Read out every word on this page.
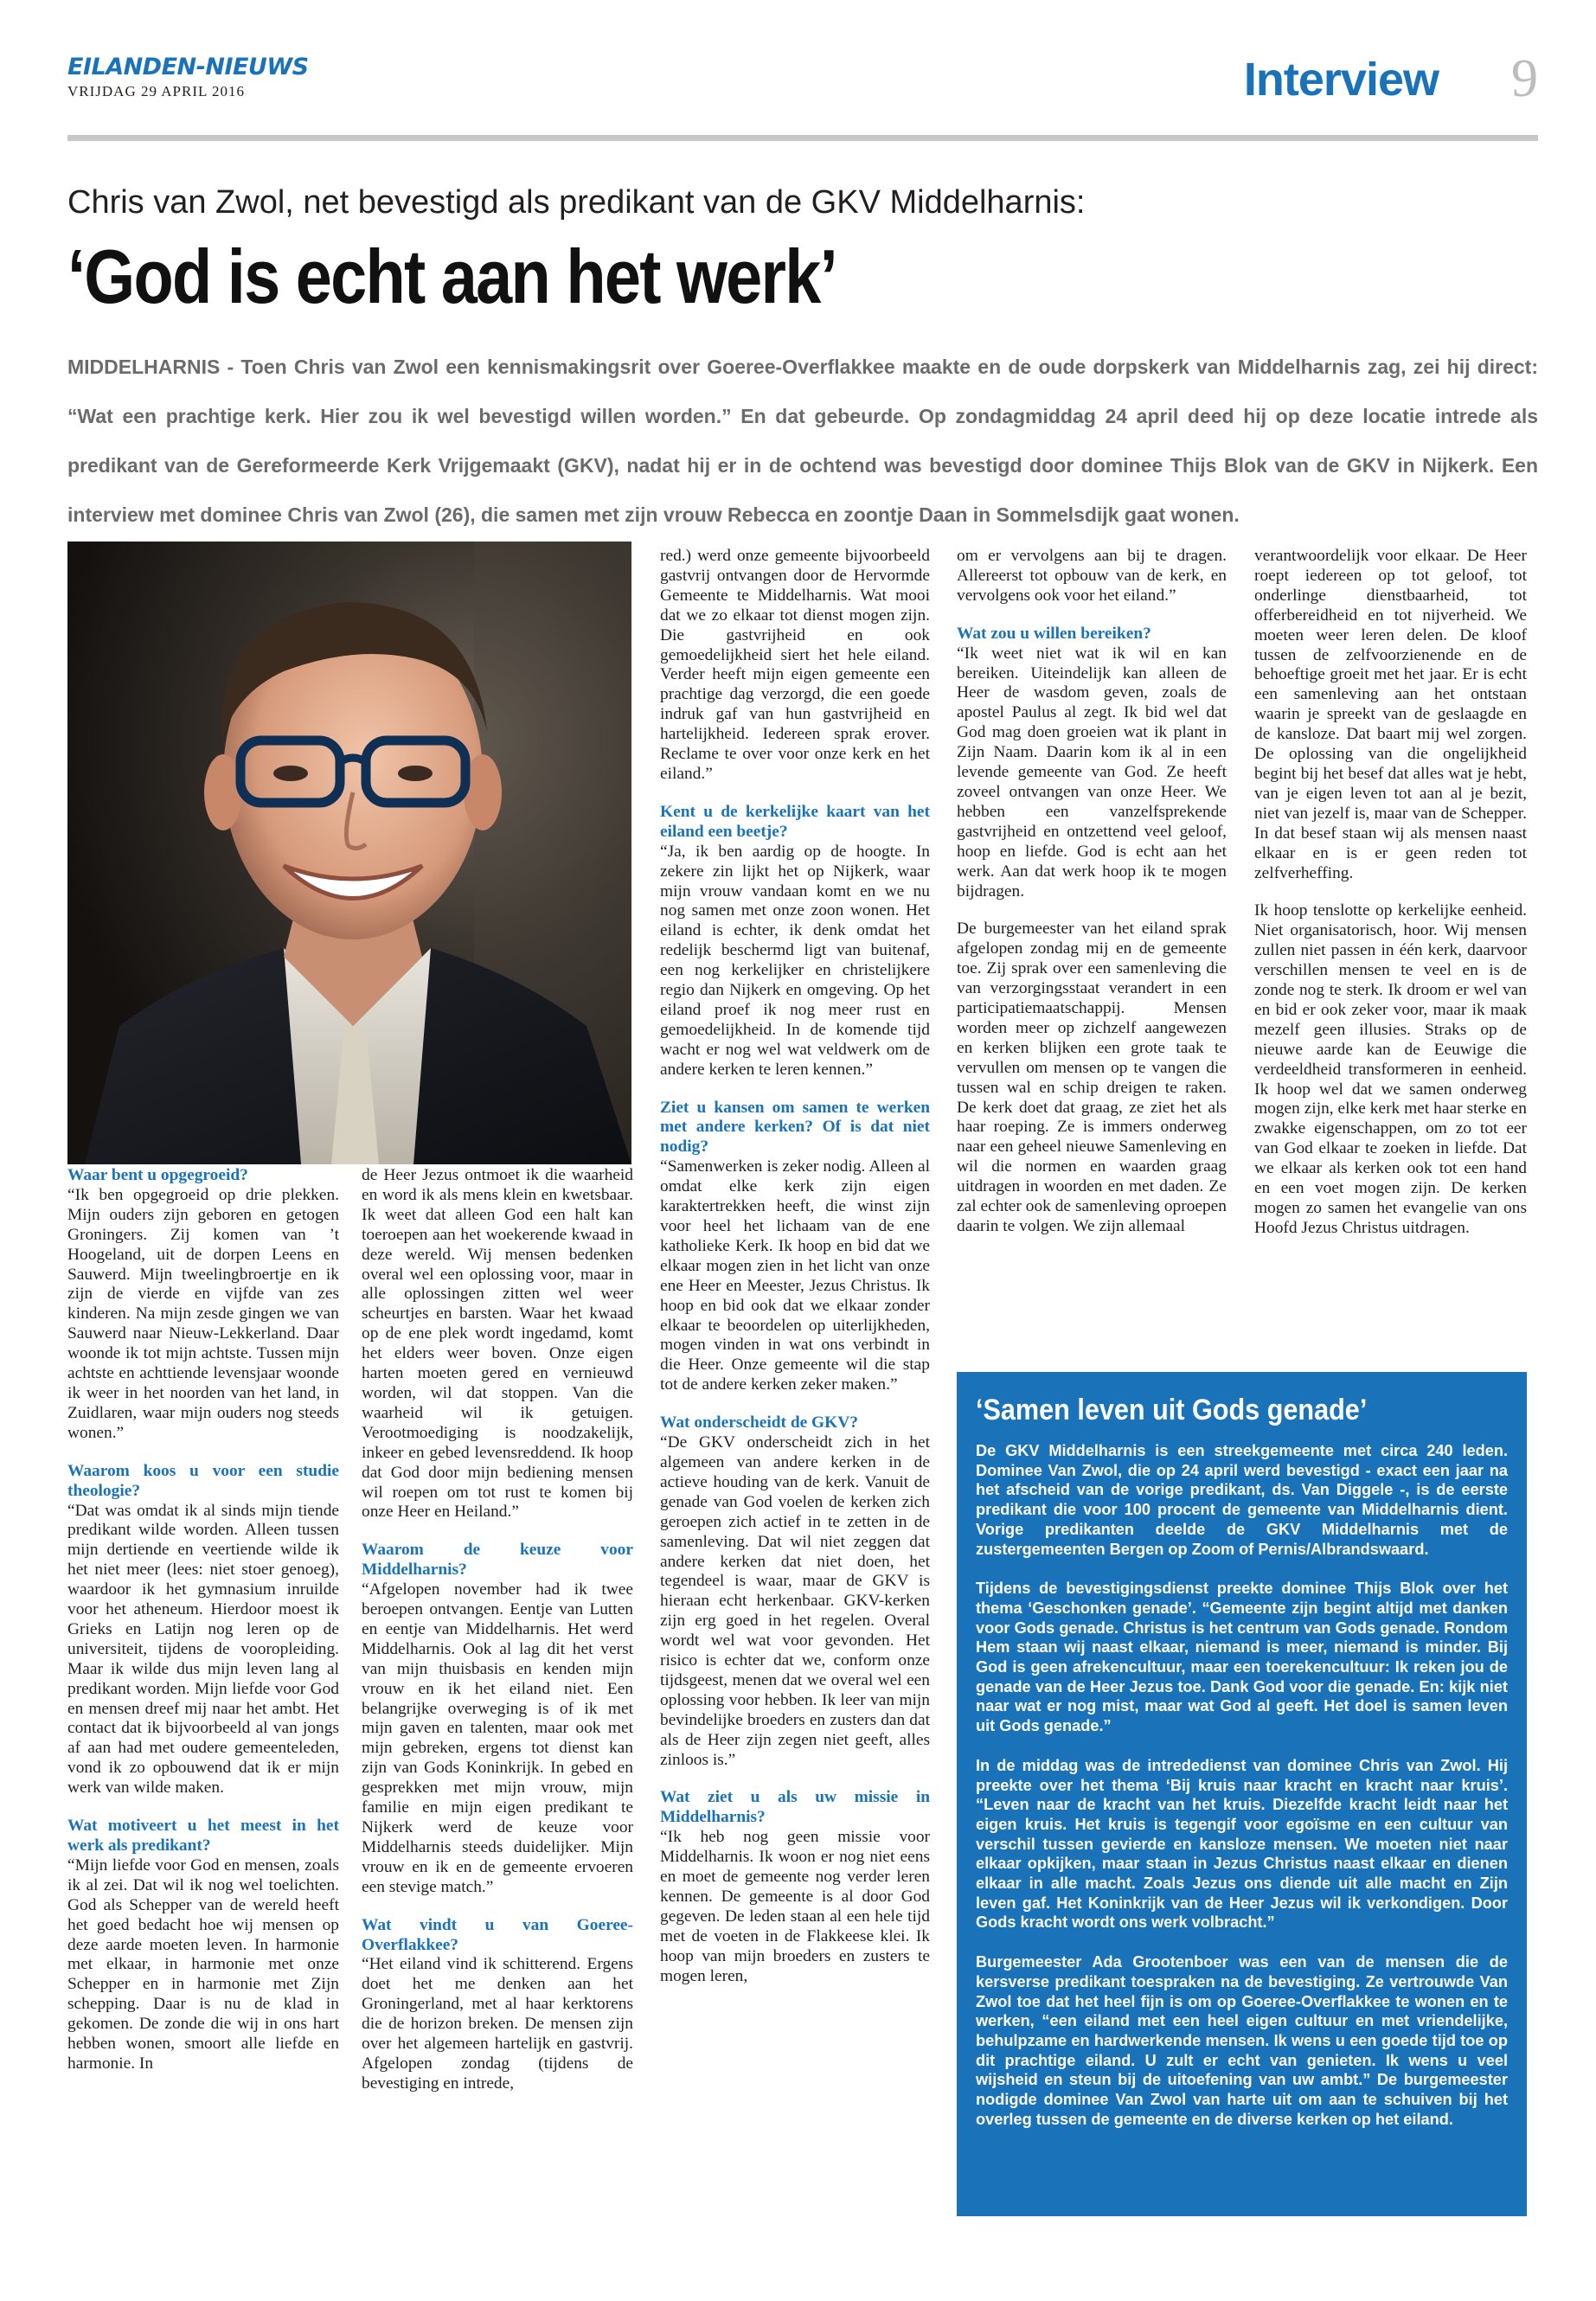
EILANDEN-NIEUWS
VRIJDAG 29 APRIL 2016	Interview 9
Chris van Zwol, net bevestigd als predikant van de GKV Middelharnis:
‘God is echt aan het werk’
MIDDELHARNIS - Toen Chris van Zwol een kennismakingsrit over Goeree-Overflakkee maakte en de oude dorpskerk van Middelharnis zag, zei hij direct: “Wat een prachtige kerk. Hier zou ik wel bevestigd willen worden.” En dat gebeurde. Op zondagmiddag 24 april deed hij op deze locatie intrede als predikant van de Gereformeerde Kerk Vrijgemaakt (GKV), nadat hij er in de ochtend was bevestigd door dominee Thijs Blok van de GKV in Nijkerk. Een interview met dominee Chris van Zwol (26), die samen met zijn vrouw Rebecca en zoontje Daan in Sommelsdijk gaat wonen.

Waar bent u opgegroeid?

“Ik ben opgegroeid op drie plekken. Mijn ouders zijn geboren en getogen Groningers. Zij komen van ’t Hoogeland, uit de dorpen Leens en Sauwerd. Mijn tweelingbroertje en ik zijn de vierde en vijfde van zes kinderen. Na mijn zesde gingen we van Sauwerd naar Nieuw-Lekkerland. Daar woonde ik tot mijn achtste. Tussen mijn achtste en achttiende levensjaar woonde ik weer in het noorden van het land, in Zuidlaren, waar mijn ouders nog steeds wonen.”

Waarom koos u voor een studie theologie?

“Dat was omdat ik al sinds mijn tiende predikant wilde worden. Alleen tussen mijn dertiende en veertiende wilde ik het niet meer (lees: niet stoer genoeg), waardoor ik het gymnasium inruilde voor het atheneum. Hierdoor moest ik Grieks en Latijn nog leren op de universiteit, tijdens de vooropleiding. Maar ik wilde dus mijn leven lang al predikant worden. Mijn liefde voor God en mensen dreef mij naar het ambt. Het contact dat ik bijvoorbeeld al van jongs af aan had met oudere gemeenteleden, vond ik zo opbouwend dat ik er mijn werk van wilde maken.

Wat motiveert u het meest in het werk als predikant?

“Mijn liefde voor God en mensen, zoals ik al zei. Dat wil ik nog wel toelichten. God als Schepper van de wereld heeft het goed bedacht hoe wij mensen op deze aarde moeten leven. In harmonie met elkaar, in harmonie met onze Schepper en in harmonie met Zijn schepping. Daar is nu de klad in gekomen. De zonde die wij in ons hart hebben wonen, smoort alle liefde en harmonie. In

de Heer Jezus ontmoet ik die waarheid en word ik als mens klein en kwetsbaar. Ik weet dat alleen God een halt kan toeroepen aan het woekerende kwaad in deze wereld. Wij mensen bedenken overal wel een oplossing voor, maar in alle oplossingen zitten wel weer scheurtjes en barsten. Waar het kwaad op de ene plek wordt ingedamd, komt het elders weer boven. Onze eigen harten moeten gered en vernieuwd worden, wil dat stoppen. Van die waarheid wil ik getuigen. Verootmoediging is noodzakelijk, inkeer en gebed levensreddend. Ik hoop dat God door mijn bediening mensen wil roepen om tot rust te komen bij onze Heer en Heiland.”

Waarom de keuze voor Middelharnis?

“Afgelopen november had ik twee beroepen ontvangen. Eentje van Lutten en eentje van Middelharnis. Het werd Middelharnis. Ook al lag dit het verst van mijn thuisbasis en kenden mijn vrouw en ik het eiland niet. Een belangrijke overweging is of ik met mijn gaven en talenten, maar ook met mijn gebreken, ergens tot dienst kan zijn van Gods Koninkrijk. In gebed en gesprekken met mijn vrouw, mijn familie en mijn eigen predikant te Nijkerk werd de keuze voor Middelharnis steeds duidelijker. Mijn vrouw en ik en de gemeente ervoeren een stevige match.”

Wat vindt u van Goeree-Overflakkee?

“Het eiland vind ik schitterend. Ergens doet het me denken aan het Groningerland, met al haar kerktorens die de horizon breken. De mensen zijn over het algemeen hartelijk en gastvrij. Afgelopen zondag (tijdens de bevestiging en intrede,

red.) werd onze gemeente bijvoorbeeld gastvrij ontvangen door de Hervormde Gemeente te Middelharnis. Wat mooi dat we zo elkaar tot dienst mogen zijn. Die gastvrijheid en ook gemoedelijkheid siert het hele eiland. Verder heeft mijn eigen gemeente een prachtige dag verzorgd, die een goede indruk gaf van hun gastvrijheid en hartelijkheid. Iedereen sprak erover. Reclame te over voor onze kerk en het eiland.”

Kent u de kerkelijke kaart van het eiland een beetje?

“Ja, ik ben aardig op de hoogte. In zekere zin lijkt het op Nijkerk, waar mijn vrouw vandaan komt en we nu nog samen met onze zoon wonen. Het eiland is echter, ik denk omdat het redelijk beschermd ligt van buitenaf, een nog kerkelijker en christelijkere regio dan Nijkerk en omgeving. Op het eiland proef ik nog meer rust en gemoedelijkheid. In de komende tijd wacht er nog wel wat veldwerk om de andere kerken te leren kennen.”

Ziet u kansen om samen te werken met andere kerken? Of is dat niet nodig?

“Samenwerken is zeker nodig. Alleen al omdat elke kerk zijn eigen karaktertrekken heeft, die winst zijn voor heel het lichaam van de ene katholieke Kerk. Ik hoop en bid dat we elkaar mogen zien in het licht van onze ene Heer en Meester, Jezus Christus. Ik hoop en bid ook dat we elkaar zonder elkaar te beoordelen op uiterlijkheden, mogen vinden in wat ons verbindt in die Heer. Onze gemeente wil die stap tot de andere kerken zeker maken.”

Wat onderscheidt de GKV?

“De GKV onderscheidt zich in het algemeen van andere kerken in de actieve houding van de kerk. Vanuit de genade van God voelen de kerken zich geroepen zich actief in te zetten in de samenleving. Dat wil niet zeggen dat andere kerken dat niet doen, het tegendeel is waar, maar de GKV is hieraan echt herkenbaar. GKV-kerken zijn erg goed in het regelen. Overal wordt wel wat voor gevonden. Het risico is echter dat we, conform onze tijdsgeest, menen dat we overal wel een oplossing voor hebben. Ik leer van mijn bevindelijke broeders en zusters dan dat als de Heer zijn zegen niet geeft, alles zinloos is.”

Wat ziet u als uw missie in Middelharnis?

“Ik heb nog geen missie voor Middelharnis. Ik woon er nog niet eens en moet de gemeente nog verder leren kennen. De gemeente is al door God gegeven. De leden staan al een hele tijd met de voeten in de Flakkeese klei. Ik hoop van mijn broeders en zusters te mogen leren,

om er vervolgens aan bij te dragen. Allereerst tot opbouw van de kerk, en vervolgens ook voor het eiland.”

Wat zou u willen bereiken?

“Ik weet niet wat ik wil en kan bereiken. Uiteindelijk kan alleen de Heer de wasdom geven, zoals de apostel Paulus al zegt. Ik bid wel dat God mag doen groeien wat ik plant in Zijn Naam. Daarin kom ik al in een levende gemeente van God. Ze heeft zoveel ontvangen van onze Heer. We hebben een vanzelfsprekende gastvrijheid en ontzettend veel geloof, hoop en liefde. God is echt aan het werk. Aan dat werk hoop ik te mogen bijdragen.

De burgemeester van het eiland sprak afgelopen zondag mij en de gemeente toe. Zij sprak over een samenleving die van verzorgingsstaat verandert in een participatiemaatschappij. Mensen worden meer op zichzelf aangewezen en kerken blijken een grote taak te vervullen om mensen op te vangen die tussen wal en schip dreigen te raken. De kerk doet dat graag, ze ziet het als haar roeping. Ze is immers onderweg naar een geheel nieuwe Samenleving en wil die normen en waarden graag uitdragen in woorden en met daden. Ze zal echter ook de samenleving oproepen daarin te volgen. We zijn allemaal

verantwoordelijk voor elkaar. De Heer roept iedereen op tot geloof, tot onderlinge dienstbaarheid, tot offerbereidheid en tot nijverheid. We moeten weer leren delen. De kloof tussen de zelfvoorzienende en de behoeftige groeit met het jaar. Er is echt een samenleving aan het ontstaan waarin je spreekt van de geslaagde en de kansloze. Dat baart mij wel zorgen. De oplossing van die ongelijkheid begint bij het besef dat alles wat je hebt, van je eigen leven tot aan al je bezit, niet van jezelf is, maar van de Schepper. In dat besef staan wij als mensen naast elkaar en is er geen reden tot zelfverheffing.

Ik hoop tenslotte op kerkelijke eenheid. Niet organisatorisch, hoor. Wij mensen zullen niet passen in één kerk, daarvoor verschillen mensen te veel en is de zonde nog te sterk. Ik droom er wel van en bid er ook zeker voor, maar ik maak mezelf geen illusies. Straks op de nieuwe aarde kan de Eeuwige die verdeeldheid transformeren in eenheid. Ik hoop wel dat we samen onderweg mogen zijn, elke kerk met haar sterke en zwakke eigenschappen, om zo tot eer van God elkaar te zoeken in liefde. Dat we elkaar als kerken ook tot een hand en een voet mogen zijn. De kerken mogen zo samen het evangelie van ons Hoofd Jezus Christus uitdragen.

‘Samen leven uit Gods genade’

De GKV Middelharnis is een streekgemeente met circa 240 leden. Dominee Van Zwol, die op 24 april werd bevestigd - exact een jaar na het afscheid van de vorige predikant, ds. Van Diggele -, is de eerste predikant die voor 100 procent de gemeente van Middelharnis dient. Vorige predikanten deelde de GKV Middelharnis met de zustergemeenten Bergen op Zoom of Pernis/Albrandswaard.

Tijdens de bevestigingsdienst preekte dominee Thijs Blok over het thema ‘Geschonken genade’. “Gemeente zijn begint altijd met danken voor Gods genade. Christus is het centrum van Gods genade. Rondom Hem staan wij naast elkaar, niemand is meer, niemand is minder. Bij God is geen afrekencultuur, maar een toerekencultuur: Ik reken jou de genade van de Heer Jezus toe. Dank God voor die genade. En: kijk niet naar wat er nog mist, maar wat God al geeft. Het doel is samen leven uit Gods genade.”

In de middag was de intrededienst van dominee Chris van Zwol. Hij preekte over het thema ‘Bij kruis naar kracht en kracht naar kruis’. “Leven naar de kracht van het kruis. Diezelfde kracht leidt naar het eigen kruis. Het kruis is tegengif voor egoïsme en een cultuur van verschil tussen gevierde en kansloze mensen. We moeten niet naar elkaar opkijken, maar staan in Jezus Christus naast elkaar en dienen elkaar in alle macht. Zoals Jezus ons diende uit alle macht en Zijn leven gaf. Het Koninkrijk van de Heer Jezus wil ik verkondigen. Door Gods kracht wordt ons werk volbracht.”

Burgemeester Ada Grootenboer was een van de mensen die de kersverse predikant toespraken na de bevestiging. Ze vertrouwde Van Zwol toe dat het heel fijn is om op Goeree-Overflakkee te wonen en te werken, “een eiland met een heel eigen cultuur en met vriendelijke, behulpzame en hardwerkende mensen. Ik wens u een goede tijd toe op dit prachtige eiland. U zult er echt van genieten. Ik wens u veel wijsheid en steun bij de uitoefening van uw ambt.” De burgemeester nodigde dominee Van Zwol van harte uit om aan te schuiven bij het overleg tussen de gemeente en de diverse kerken op het eiland.
